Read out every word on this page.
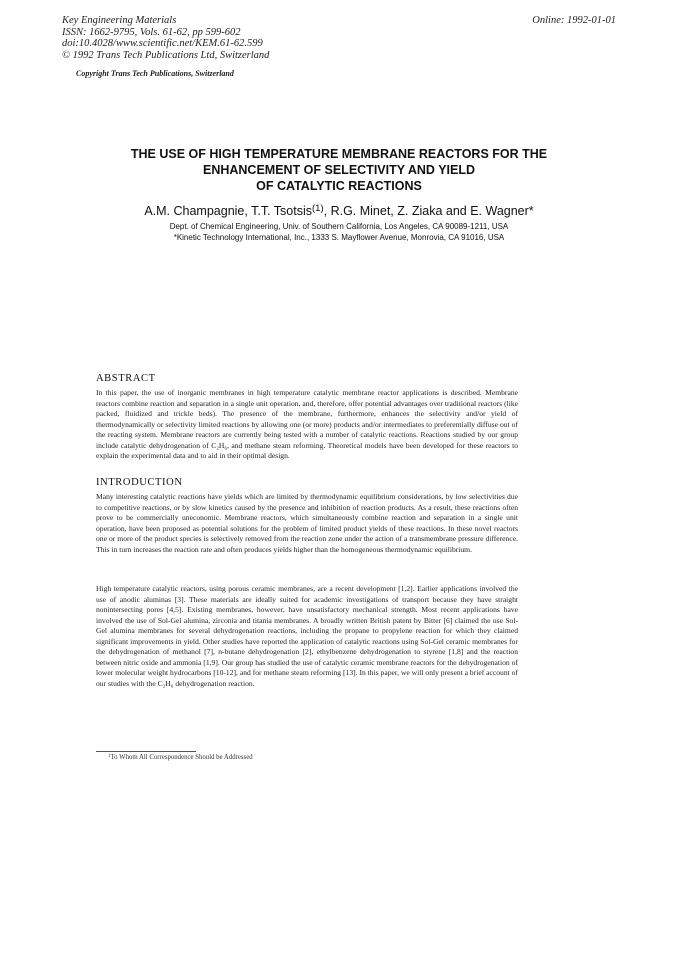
Key Engineering Materials
ISSN: 1662-9795, Vols. 61-62, pp 599-602
doi:10.4028/www.scientific.net/KEM.61-62.599
© 1992 Trans Tech Publications Ltd, Switzerland
Online: 1992-01-01
Copyright Trans Tech Publications, Switzerland
THE USE OF HIGH TEMPERATURE MEMBRANE REACTORS FOR THE
ENHANCEMENT OF SELECTIVITY AND YIELD
OF CATALYTIC REACTIONS
A.M. Champagnie, T.T. Tsotsis$^{(1)}$, R.G. Minet, Z. Ziaka and E. Wagner*
Dept. of Chemical Engineering, Univ. of Southern California, Los Angeles, CA 90089-1211, USA
*Kinetic Technology International, Inc., 1333 S. Mayflower Avenue, Monrovia, CA 91016, USA
ABSTRACT
In this paper, the use of inorganic membranes in high temperature catalytic membrane reactor applications is described. Membrane reactors combine reaction and separation in a single unit operation, and, therefore, offer potential advantages over traditional reactors (like packed, fluidized and trickle beds). The presence of the membrane, furthermore, enhances the selectivity and/or yield of thermodynamically or selectivity limited reactions by allowing one (or more) products and/or intermediates to preferentially diffuse out of the reacting system. Membrane reactors are currently being tested with a number of catalytic reactions. Reactions studied by our group include catalytic dehydrogenation of C₂H₆, and methane steam reforming. Theoretical models have been developed for these reactors to explain the experimental data and to aid in their optimal design.
INTRODUCTION
Many interesting catalytic reactions have yields which are limited by thermodynamic equilibrium considerations, by low selectivities due to competitive reactions, or by slow kinetics caused by the presence and inhibition of reaction products. As a result, these reactions often prove to be commercially uneconomic. Membrane reactors, which simultaneously combine reaction and separation in a single unit operation, have been proposed as potential solutions for the problem of limited product yields of these reactions. In these novel reactors one or more of the product species is selectively removed from the reaction zone under the action of a transmembrane pressure difference. This in turn increases the reaction rate and often produces yields higher than the homogeneous thermodynamic equilibrium.
High temperature catalytic reactors, using porous ceramic membranes, are a recent development [1,2]. Earlier applications involved the use of anodic aluminas [3]. These materials are ideally suited for academic investigations of transport because they have straight nonintersecting pores [4,5]. Existing membranes, however, have unsatisfactory mechanical strength. Most recent applications have involved the use of Sol-Gel alumina, zirconia and titania membranes. A broadly written British patent by Bitter [6] claimed the use Sol-Gel alumina membranes for several dehydrogenation reactions, including the propane to propylene reaction for which they claimed significant improvements in yield. Other studies have reported the application of catalytic reactions using Sol-Gel ceramic membranes for the dehydrogenation of methanol [7], n-butane dehydrogenation [2], ethylbenzene dehydrogenation to styrene [1,8] and the reaction between nitric oxide and ammonia [1,9]. Our group has studied the use of catalytic ceramic membrane reactors for the dehydrogenation of lower molecular weight hydrocarbons [10-12], and for methane steam reforming [13]. In this paper, we will only present a brief account of our studies with the C₂H₆ dehydrogenation reaction.
$^1$To Whom All Correspondence Should be Addressed
